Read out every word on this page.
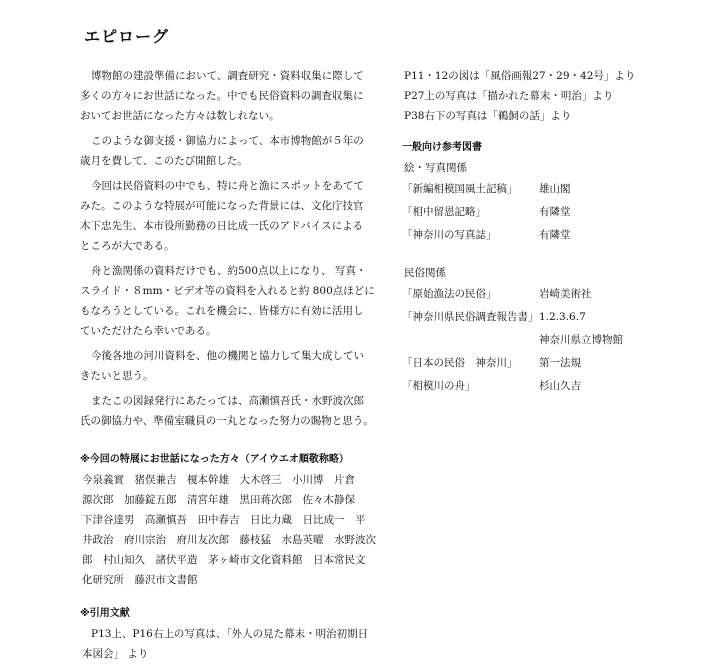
エピローグ
博物館の建設準備において、調査研究・資料収集に際して
多くの方々にお世話になった。中でも民俗資料の調査収集に
おいてお世話になった方々は数しれない。
このような御支援・御協力によって、本市博物館が５年の
歳月を費して、このたび開館した。
今回は民俗資料の中でも、特に舟と漁にスポットをあてて
みた。このような特展が可能になった背景には、文化庁技官
木下忠先生、本市役所勤務の日比成一氏のアドバイスによる
ところが大である。
舟と漁関係の資料だけでも、約500点以上になり、 写真・
スライド・８mm・ビデオ等の資料を入れると約 800点ほどに
もなろうとしている。これを機会に、皆様方に有効に活用し
ていただけたら幸いである。
今後各地の河川資料を、他の機関と協力して集大成してい
きたいと思う。
またこの図録発行にあたっては、高瀬慎吾氏・水野波次郎
氏の御協力や、準備室職員の一丸となった努力の賜物と思う。
※今回の特展にお世話になった方々（アイウエオ順敬称略）
今泉義實　猪俣兼吉　榎本幹雄　大木啓三　小川博　片倉
源次郎　加藤錠五郎　清宮年雄　黒田蒋次郎　佐々木静保
下津谷達男　高瀬慎吾　田中春吉　日比力蔵　日比成一　平
井政治　府川宗治　府川友次郎　藤枝猛　水島英曜　水野波次
郎　村山知久　諸伏平造　茅ヶ崎市文化資料館　日本常民文
化研究所　藤沢市文書館
※引用文献
P13上、P16右上の写真は、「外人の見た幕末・明治初期日
本図会」 より
P11・12の図は「風俗画報27・29・42号」より
P27上の写真は「描かれた幕末・明治」より
P38右下の写真は「鵜飼の話」より
一般向け参考図書
絵・写真関係
「新編相模国風土記稿」	雄山閣
「相中留恩記略」	有隣堂
「神奈川の写真誌」	有隣堂
民俗関係
「原始漁法の民俗」	岩崎美術社
「神奈川県民俗調査報告書」 1.2.3.6.7
神奈川県立博物館
「日本の民俗　神奈川」	第一法規
「相模川の舟」	杉山久吉
